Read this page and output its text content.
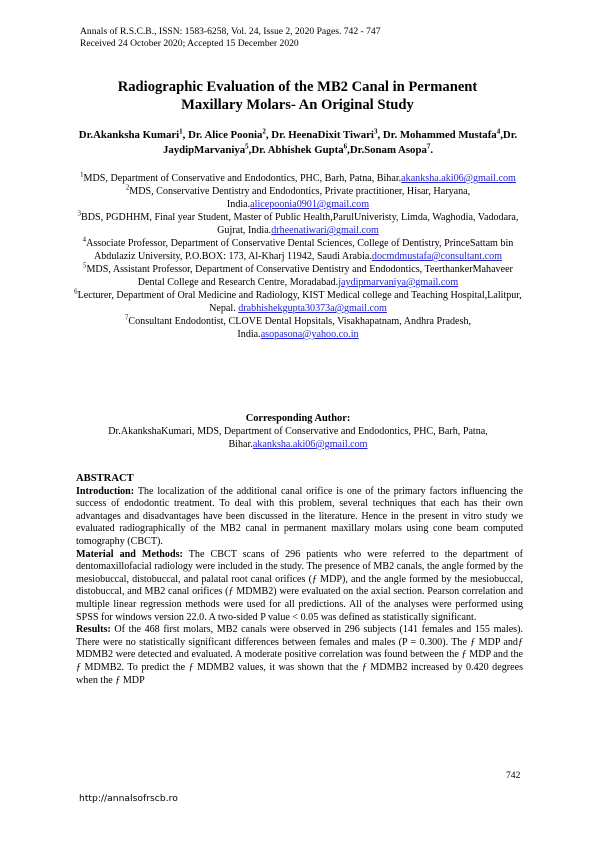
Annals of R.S.C.B., ISSN: 1583-6258, Vol. 24, Issue 2, 2020 Pages. 742 - 747
Received 24 October 2020; Accepted 15 December 2020
Radiographic Evaluation of the MB2 Canal in Permanent
Maxillary Molars- An Original Study
Dr.Akanksha Kumari$^1$, Dr. Alice Poonia$^2$, Dr. HeenaDixit Tiwari$^3$, Dr. Mohammed Mustafa$^4$,Dr. JaydipMarvaniya$^5$,Dr. Abhishek Gupta$^6$,Dr.Sonam Asopa$^7$.
$^1$MDS, Department of Conservative and Endodontics, PHC, Barh, Patna, Bihar.akanksha.aki06@gmail.com
$^2$MDS, Conservative Dentistry and Endodontics, Private practitioner, Hisar, Haryana, India.alicepoonia0901@gmail.com
$^3$BDS, PGDHHM, Final year Student, Master of Public Health,ParulUniveristy, Limda, Waghodia, Vadodara, Gujrat, India.drheenatiwari@gmail.com
$^4$Associate Professor, Department of Conservative Dental Sciences, College of Dentistry, PrinceSattam bin Abdulaziz University, P.O.BOX: 173, Al-Kharj 11942, Saudi Arabia.docmdmustafa@consultant.com
$^5$MDS, Assistant Professor, Department of Conservative Dentistry and Endodontics, TeerthankerMahaveer Dental College and Research Centre, Moradabad.jaydipmarvaniya@gmail.com
$^6$Lecturer, Department of Oral Medicine and Radiology, KIST Medical college and Teaching Hospital,Lalitpur, Nepal. drabhishekgupta30373a@gmail.com
$^7$Consultant Endodontist, CLOVE Dental Hopsitals, Visakhapatnam, Andhra Pradesh, India.asopasona@yahoo.co.in
Corresponding Author:
Dr.AkankshaKumari, MDS, Department of Conservative and Endodontics, PHC, Barh, Patna, Bihar.akanksha.aki06@gmail.com
ABSTRACT

Introduction: The localization of the additional canal orifice is one of the primary factors influencing the success of endodontic treatment. To deal with this problem, several techniques that each has their own advantages and disadvantages have been discussed in the literature. Hence in the present in vitro study we evaluated radiographically of the MB2 canal in permanent maxillary molars using cone beam computed tomography (CBCT).

Material and Methods: The CBCT scans of 296 patients who were referred to the department of dentomaxillofacial radiology were included in the study. The presence of MB2 canals, the angle formed by the mesiobuccal, distobuccal, and palatal root canal orifices (ƒ MDP), and the angle formed by the mesiobuccal, distobuccal, and MB2 canal orifices (ƒ MDMB2) were evaluated on the axial section. Pearson correlation and multiple linear regression methods were used for all predictions. All of the analyses were performed using SPSS for windows version 22.0. A two-sided P value < 0.05 was defined as statistically significant.

Results: Of the 468 first molars, MB2 canals were observed in 296 subjects (141 females and 155 males). There were no statistically significant differences between females and males (P = 0.300). The ƒ MDP andƒ MDMB2 were detected and evaluated. A moderate positive correlation was found between the ƒ MDP and the ƒ MDMB2. To predict the ƒ MDMB2 values, it was shown that the ƒ MDMB2 increased by 0.420 degrees when the ƒ MDP

742
http://annalsofrscb.ro
